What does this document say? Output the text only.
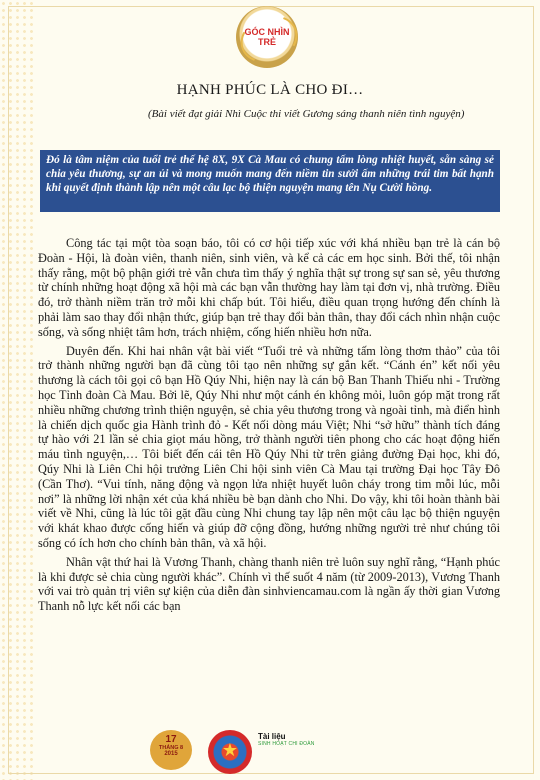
GÓC NHÌN
TRẺ
HẠNH PHÚC LÀ CHO ĐI…
(Bài viết đạt giải Nhì Cuộc thi viết Gương sáng thanh niên tình nguyện)
Đó là tâm niệm của tuổi trẻ thế hệ 8X, 9X Cà Mau có chung tấm lòng nhiệt huyết, sẵn sàng sẻ chia yêu thương, sự an ủi và mong muốn mang đến niềm tin sưởi ấm những trái tim bất hạnh khi quyết định thành lập nên một câu lạc bộ thiện nguyện mang tên Nụ Cười hồng.

Công tác tại một tòa soạn báo, tôi có cơ hội tiếp xúc với khá nhiều bạn trẻ là cán bộ Đoàn - Hội, là đoàn viên, thanh niên, sinh viên, và kể cả các em học sinh. Bởi thế, tôi nhận thấy rằng, một bộ phận giới trẻ vẫn chưa tìm thấy ý nghĩa thật sự trong sự san sẻ, yêu thương từ chính những hoạt động xã hội mà các bạn vẫn thường hay làm tại đơn vị, nhà trường. Điều đó, trở thành niềm trăn trở mỗi khi chấp bút. Tôi hiểu, điều quan trọng hướng đến chính là phải làm sao thay đổi nhận thức, giúp bạn trẻ thay đổi bản thân, thay đổi cách nhìn nhận cuộc sống, và sống nhiệt tâm hơn, trách nhiệm, cống hiến nhiều hơn nữa.

Duyên đến. Khi hai nhân vật bài viết “Tuổi trẻ và những tấm lòng thơm thảo” của tôi trở thành những người bạn đã cùng tôi tạo nên những sự gắn kết. “Cánh én” kết nối yêu thương là cách tôi gọi cô bạn Hồ Qúy Nhi, hiện nay là cán bộ Ban Thanh Thiếu nhi - Trường học Tỉnh đoàn Cà Mau. Bởi lẽ, Qúy Nhi như một cánh én không mỏi, luôn góp mặt trong rất nhiều những chương trình thiện nguyện, sẻ chia yêu thương trong và ngoài tỉnh, mà điển hình là chiến dịch quốc gia Hành trình đỏ - Kết nối dòng máu Việt; Nhi “sở hữu” thành tích đáng tự hào với 21 lần sẻ chia giọt máu hồng, trở thành người tiên phong cho các hoạt động hiến máu tình nguyện,… Tôi biết đến cái tên Hồ Qúy Nhi từ trên giảng đường Đại học, khi đó, Qúy Nhi là Liên Chi hội trưởng Liên Chi hội sinh viên Cà Mau tại trường Đại học Tây Đô (Cần Thơ). “Vui tính, năng động và ngọn lửa nhiệt huyết luôn cháy trong tim mỗi lúc, mỗi nơi” là những lời nhận xét của khá nhiều bè bạn dành cho Nhi. Do vậy, khi tôi hoàn thành bài viết về Nhi, cũng là lúc tôi gặt đầu cùng Nhi chung tay lập nên một câu lạc bộ thiện nguyện với khát khao được cống hiến và giúp đỡ cộng đồng, hướng những người trẻ như chúng tôi sống có ích hơn cho chính bản thân, và xã hội.

Nhân vật thứ hai là Vương Thanh, chàng thanh niên trẻ luôn suy nghĩ rằng, “Hạnh phúc là khi được sẻ chia cùng người khác”. Chính vì thế suốt 4 năm (từ 2009-2013), Vương Thanh với vai trò quản trị viên sự kiện của diễn đàn sinhviencamau.com là ngần ấy thời gian Vương Thanh nỗ lực kết nối các bạn

17
THÁNG 8
2015
★
Tài liệu
SINH HOẠT CHI ĐOÀN
